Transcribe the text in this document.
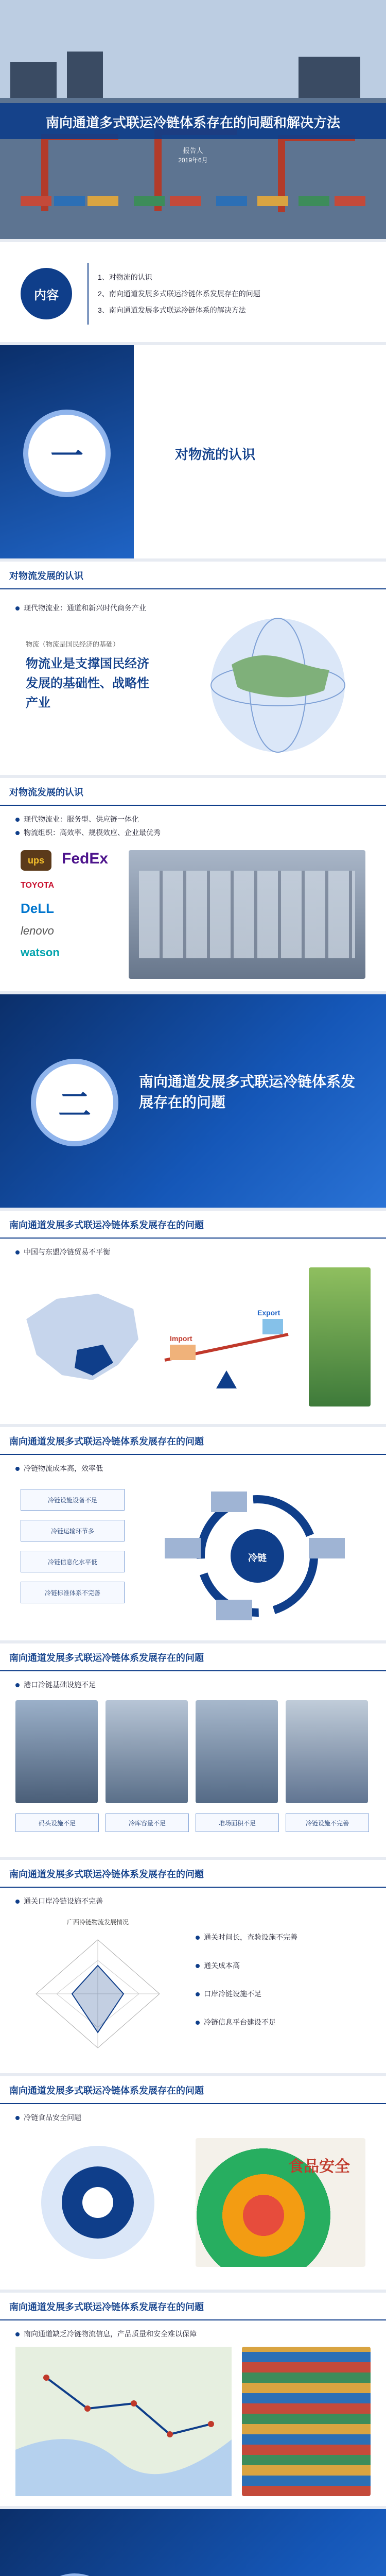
南向通道多式联运冷链体系存在的问题和解决方法
报告人
2019年6月
内容
1、对物流的认识
2、南向通道发展多式联运冷链体系发展存在的问题
3、南向通道发展多式联运冷链体系的解决方法
一	对物流的认识
对物流发展的认识
现代物流业：通道和新兴时代商务产业
物流（物流是国民经济的基础）
物流业是支撑国民经济发展的基础性、战略性产业
对物流发展的认识
现代物流业：服务型、供应链一体化
物流组织：高效率、规模效应、企业最优秀
ups	FedEx
TOYOTA
DeLL
lenovo
watson
二
南向通道发展多式联运冷链体系发展存在的问题
南向通道发展多式联运冷链体系发展存在的问题
中国与东盟冷链贸易不平衡
Import
Export
南向通道发展多式联运冷链体系发展存在的问题
冷链物流成本高，效率低
冷链设施设备不足
冷链运输环节多
冷链信息化水平低
冷链标准体系不完善
冷链
南向通道发展多式联运冷链体系发展存在的问题
港口冷链基础设施不足
码头设施不足	冷库容量不足	堆场面积不足	冷链设施不完善
南向通道发展多式联运冷链体系发展存在的问题
通关口岸冷链设施不完善
广西冷链物流发展情况
通关时间长，查验设施不完善
通关成本高
口岸冷链设施不足
冷链信息平台建设不足
南向通道发展多式联运冷链体系发展存在的问题
冷链食品安全问题
食品安全
南向通道发展多式联运冷链体系发展存在的问题
南向通道缺乏冷链物流信息，产品质量和安全难以保障
